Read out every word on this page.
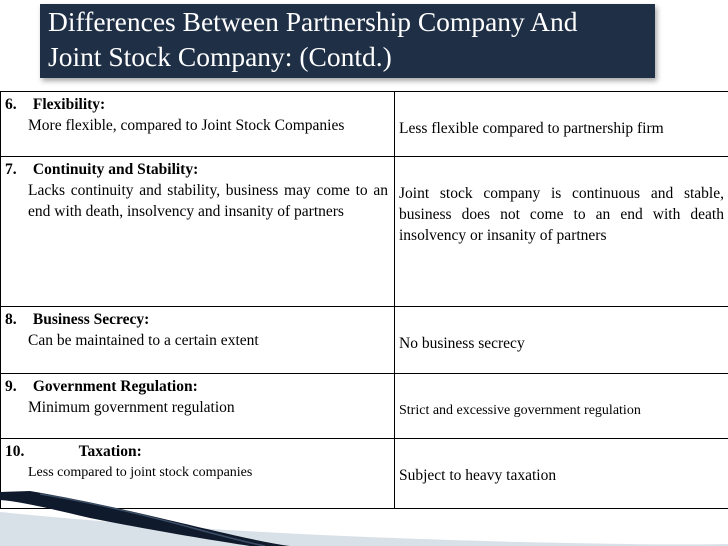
Differences Between Partnership Company And
Joint Stock Company: (Contd.)
6. Flexibility:
More flexible, compared to Joint Stock Companies	Less flexible compared to partnership firm

7. Continuity and Stability:
Lacks continuity and stability, business may come to an end with death, insolvency and insanity of partners	Joint stock company is continuous and stable, business does not come to an end with death insolvency or insanity of partners

8. Business Secrecy:
Can be maintained to a certain extent	No business secrecy

9. Government Regulation:
Minimum government regulation	Strict and excessive government regulation

10. Taxation:
Less compared to joint stock companies	Subject to heavy taxation
